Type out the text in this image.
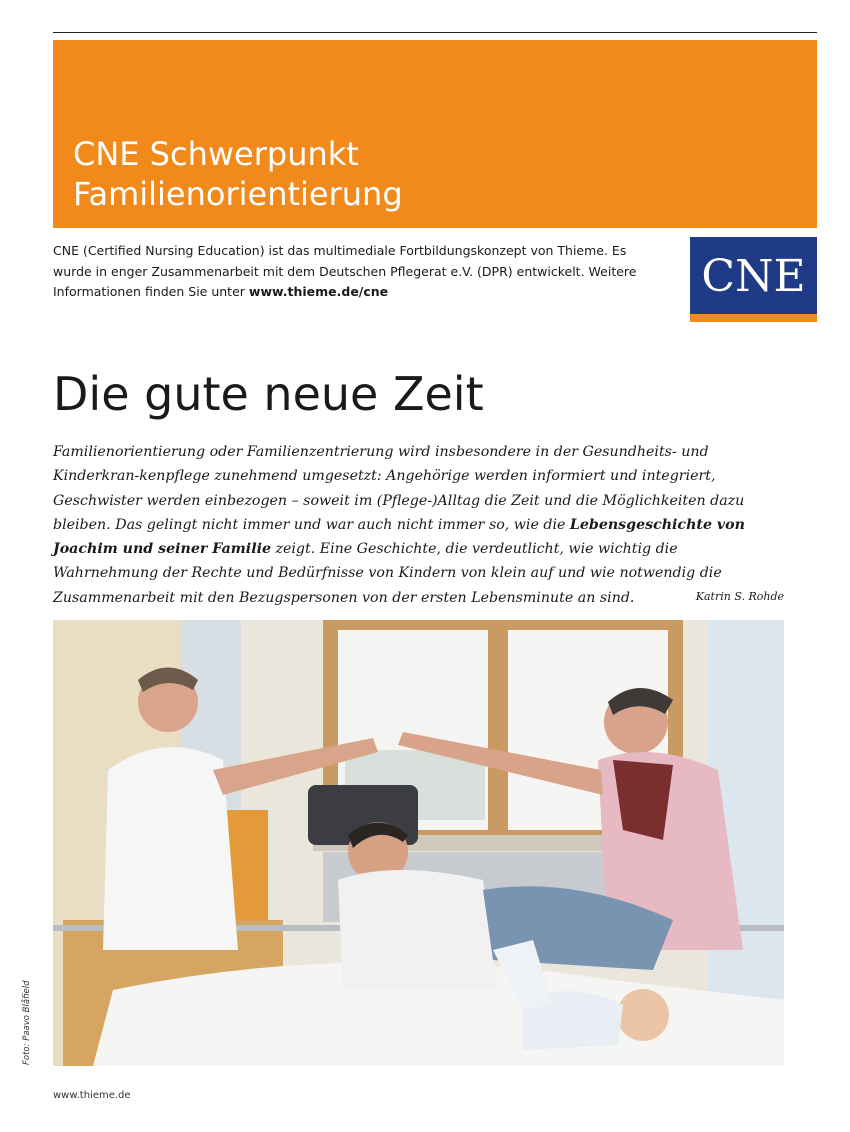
CNE Schwerpunkt
Familienorientierung

CNE (Certified Nursing Education) ist das multimediale Fortbildungskonzept von Thieme. Es wurde in enger Zusammenarbeit mit dem Deutschen Pflegerat e.V. (DPR) entwickelt. Weitere Informationen finden Sie unter www.thieme.de/cne	CNE
Die gute neue Zeit

Familienorientierung oder Familienzentrierung wird insbesondere in der Gesundheits- und Kinderkran-kenpflege zunehmend umgesetzt: Angehörige werden informiert und integriert, Geschwister werden einbezogen – soweit im (Pflege-)Alltag die Zeit und die Möglichkeiten dazu bleiben. Das gelingt nicht immer und war auch nicht immer so, wie die Lebensgeschichte von Joachim und seiner Familie zeigt. Eine Geschichte, die verdeutlicht, wie wichtig die Wahrnehmung der Rechte und Bedürfnisse von Kindern von klein auf und wie notwendig die Zusammenarbeit mit den Bezugspersonen von der ersten Lebensminute an sind.	Katrin S. Rohde
Foto: Paavo Blåfield
www.thieme.de
